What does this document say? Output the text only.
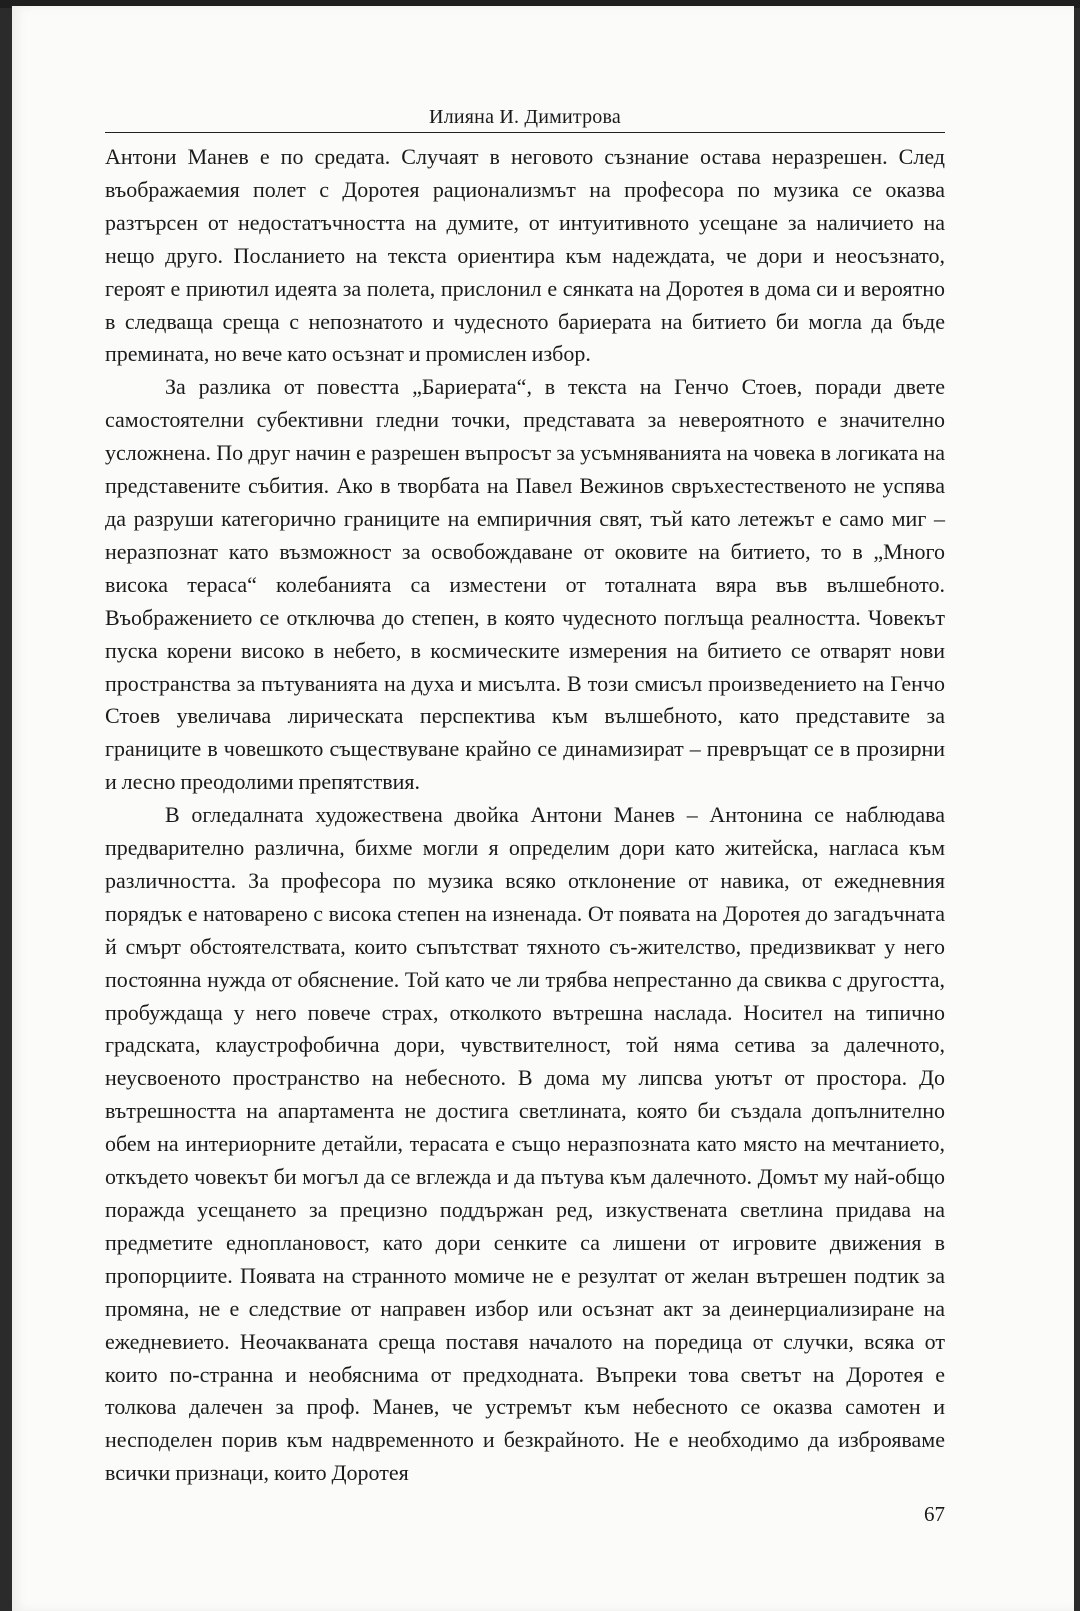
Илияна И. Димитрова

Антони Манев е по средата. Случаят в неговото съзнание остава неразрешен. След въображаемия полет с Доротея рационализмът на професора по музика се оказва разтърсен от недостатъчността на думите, от интуитивното усещане за наличието на нещо друго. Посланието на текста ориентира към надеждата, че дори и неосъзнато, героят е приютил идеята за полета, прислонил е сянката на Доротея в дома си и вероятно в следваща среща с непознатото и чудесното бариерата на битието би могла да бъде премината, но вече като осъзнат и промислен избор.

За разлика от повестта „Бариерата“, в текста на Генчо Стоев, поради двете самостоятелни субективни гледни точки, представата за невероятното е значително усложнена. По друг начин е разрешен въпросът за усъмняванията на човека в логиката на представените събития. Ако в творбата на Павел Вежинов свръхестественото не успява да разруши категорично границите на емпиричния свят, тъй като летежът е само миг – неразпознат като възможност за освобождаване от оковите на битието, то в „Много висока тераса“ колебанията са изместени от тоталната вяра във вълшебното. Въображението се отключва до степен, в която чудесното поглъща реалността. Човекът пуска корени високо в небето, в космическите измерения на битието се отварят нови пространства за пътуванията на духа и мисълта. В този смисъл произведението на Генчо Стоев увеличава лирическата перспектива към вълшебното, като представите за границите в човешкото съществуване крайно се динамизират – превръщат се в прозирни и лесно преодолими препятствия.

В огледалната художествена двойка Антони Манев – Антонина се наблюдава предварително различна, бихме могли я определим дори като житейска, нагласа към различността. За професора по музика всяко отклонение от навика, от ежедневния порядък е натоварено с висока степен на изненада. От появата на Доротея до загадъчната й смърт обстоятелствата, които съпътстват тяхното съ-жителство, предизвикват у него постоянна нужда от обяснение. Той като че ли трябва непрестанно да свиква с другостта, пробуждаща у него повече страх, отколкото вътрешна наслада. Носител на типично градската, клаустрофобична дори, чувствителност, той няма сетива за далечното, неусвоеното пространство на небесното. В дома му липсва уютът от простора. До вътрешността на апартамента не достига светлината, която би създала допълнително обем на интериорните детайли, терасата е също неразпозната като място на мечтанието, откъдето човекът би могъл да се вглежда и да пътува към далечното. Домът му най-общо поражда усещането за прецизно поддържан ред, изкуствената светлина придава на предметите едноплановост, като дори сенките са лишени от игровите движения в пропорциите. Появата на странното момиче не е резултат от желан вътрешен подтик за промяна, не е следствие от направен избор или осъзнат акт за деинерциализиране на ежедневието. Неочакваната среща поставя началото на поредица от случки, всяка от които по-странна и необяснима от предходната. Въпреки това светът на Доротея е толкова далечен за проф. Манев, че устремът към небесното се оказва самотен и несподелен порив към надвременното и безкрайното. Не е необходимо да изброяваме всички признаци, които Доротея

67
